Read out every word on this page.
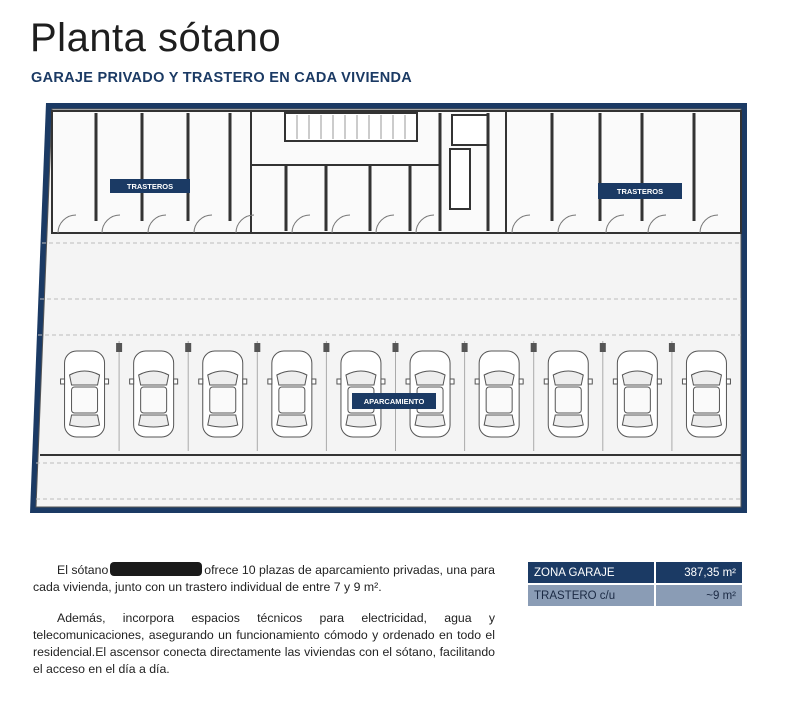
Planta sótano
GARAJE PRIVADO Y TRASTERO EN CADA VIVIENDA
TRASTEROS
TRASTEROS
APARCAMIENTO

El sótano	ofrece 10 plazas de aparcamiento privadas, una para cada vivienda, junto con un trastero individual de entre 7 y 9 m².

Además, incorpora espacios técnicos para electricidad, agua y telecomunicaciones, asegurando un funcionamiento cómodo y ordenado en todo el residencial.El ascensor conecta directamente las viviendas con el sótano, facilitando el acceso en el día a día.

ZONA GARAJE	387,35 m²
TRASTERO c/u	~9 m²
